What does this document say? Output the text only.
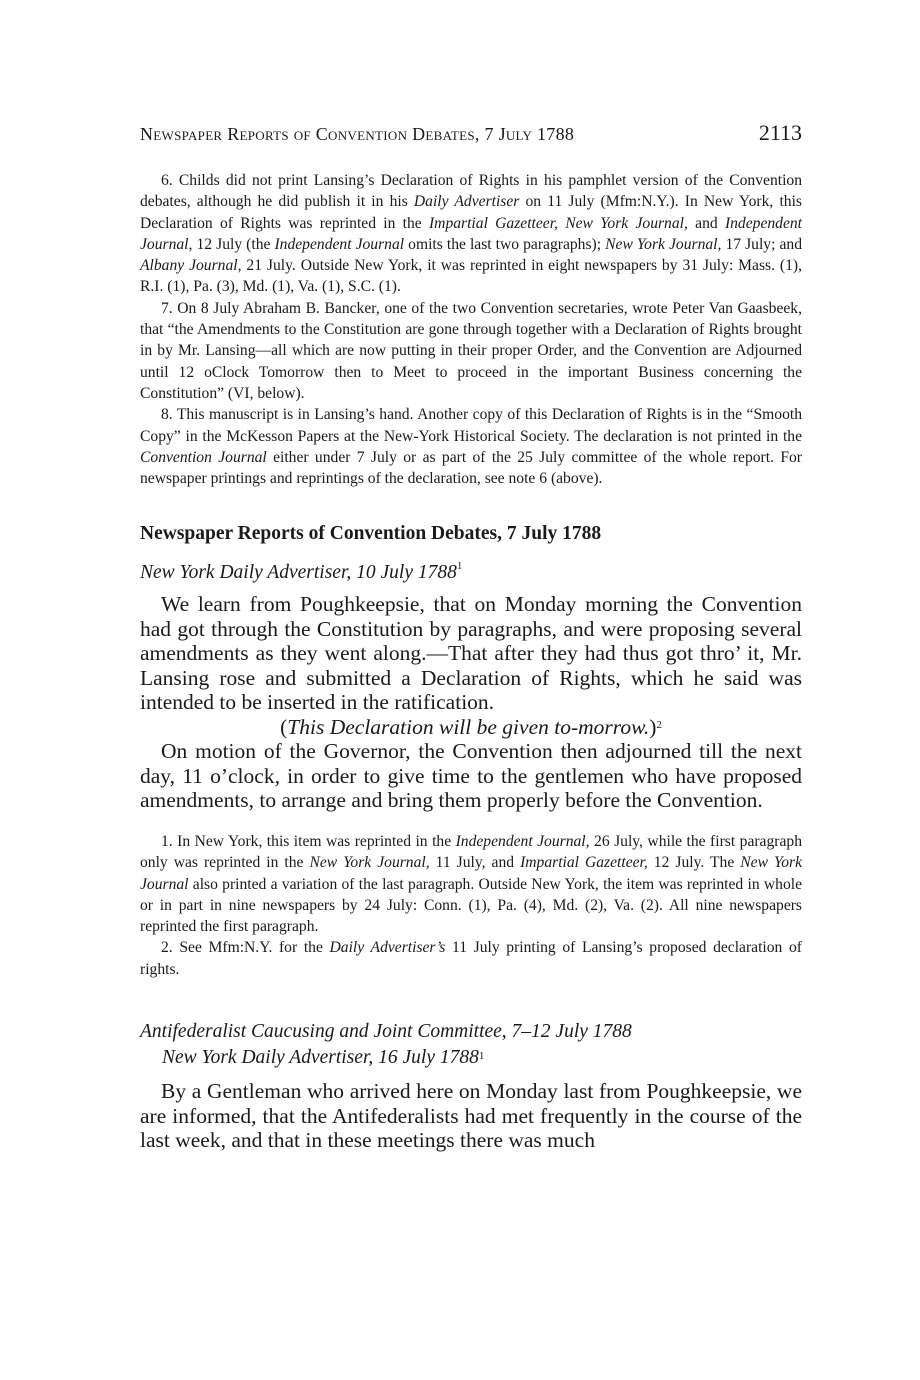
Newspaper Reports of Convention Debates, 7 July 1788	2113

6. Childs did not print Lansing’s Declaration of Rights in his pamphlet version of the Convention debates, although he did publish it in his Daily Advertiser on 11 July (Mfm:N.Y.). In New York, this Declaration of Rights was reprinted in the Impartial Gazetteer, New York Journal, and Independent Journal, 12 July (the Independent Journal omits the last two paragraphs); New York Journal, 17 July; and Albany Journal, 21 July. Outside New York, it was reprinted in eight newspapers by 31 July: Mass. (1), R.I. (1), Pa. (3), Md. (1), Va. (1), S.C. (1).

7. On 8 July Abraham B. Bancker, one of the two Convention secretaries, wrote Peter Van Gaasbeek, that “the Amendments to the Constitution are gone through together with a Declaration of Rights brought in by Mr. Lansing—all which are now putting in their proper Order, and the Convention are Adjourned until 12 oClock Tomorrow then to Meet to proceed in the important Business concerning the Constitution” (VI, below).

8. This manuscript is in Lansing’s hand. Another copy of this Declaration of Rights is in the “Smooth Copy” in the McKesson Papers at the New-York Historical Society. The declaration is not printed in the Convention Journal either under 7 July or as part of the 25 July committee of the whole report. For newspaper printings and reprintings of the declaration, see note 6 (above).

Newspaper Reports of Convention Debates, 7 July 1788
New York Daily Advertiser, 10 July 1788$^1$

We learn from Poughkeepsie, that on Monday morning the Convention had got through the Constitution by paragraphs, and were proposing several amendments as they went along.—That after they had thus got thro’ it, Mr. Lansing rose and submitted a Declaration of Rights, which he said was intended to be inserted in the ratification.

(This Declaration will be given to-morrow.)$^2$

On motion of the Governor, the Convention then adjourned till the next day, 11 o’clock, in order to give time to the gentlemen who have proposed amendments, to arrange and bring them properly before the Convention.

1. In New York, this item was reprinted in the Independent Journal, 26 July, while the first paragraph only was reprinted in the New York Journal, 11 July, and Impartial Gazetteer, 12 July. The New York Journal also printed a variation of the last paragraph. Outside New York, the item was reprinted in whole or in part in nine newspapers by 24 July: Conn. (1), Pa. (4), Md. (2), Va. (2). All nine newspapers reprinted the first paragraph.

2. See Mfm:N.Y. for the Daily Advertiser’s 11 July printing of Lansing’s proposed declaration of rights.

Antifederalist Caucusing and Joint Committee, 7–12 July 1788
New York Daily Advertiser, 16 July 1788$^1$

By a Gentleman who arrived here on Monday last from Poughkeepsie, we are informed, that the Antifederalists had met frequently in the course of the last week, and that in these meetings there was much
